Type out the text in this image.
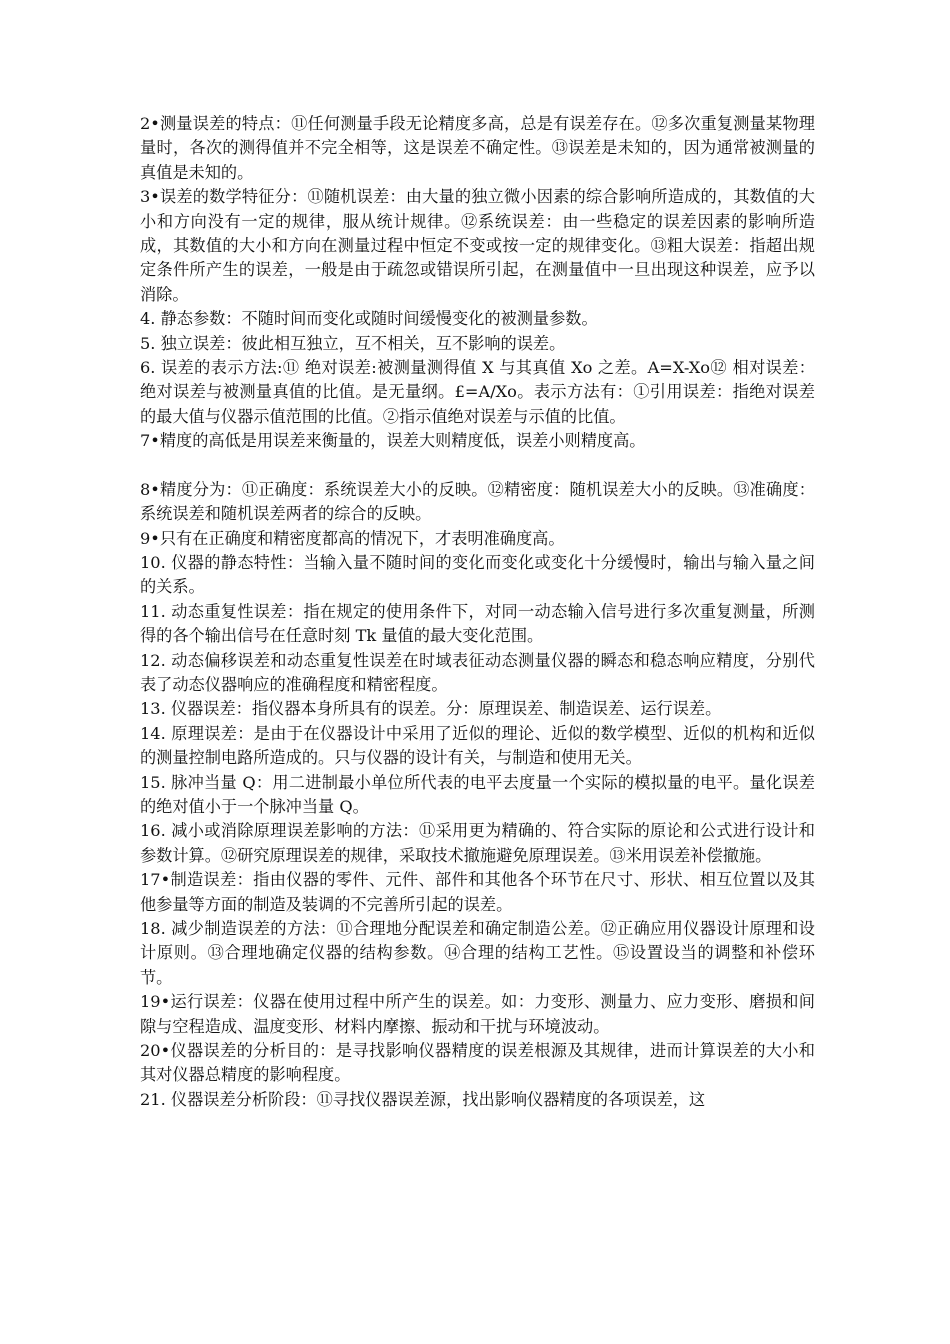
2•测量误差的特点：⑪任何测量手段无论精度多高，总是有误差存在。⑫多次重复测量某物理量时，各次的测得值并不完全相等，这是误差不确定性。⑬误差是未知的，因为通常被测量的真值是未知的。

3•误差的数学特征分：⑪随机误差：由大量的独立微小因素的综合影响所造成的，其数值的大小和方向没有一定的规律，服从统计规律。⑫系统误差：由一些稳定的误差因素的影响所造成，其数值的大小和方向在测量过程中恒定不变或按一定的规律变化。⑬粗大误差：指超出规定条件所产生的误差，一般是由于疏忽或错误所引起，在测量值中一旦出现这种误差，应予以消除。

4. 静态参数：不随时间而变化或随时间缓慢变化的被测量参数。

5. 独立误差：彼此相互独立，互不相关，互不影响的误差。

6. 误差的表示方法:⑪ 绝对误差:被测量测得值 X 与其真值 Xo 之差。A=X-Xo⑫ 相对误差：绝对误差与被测量真值的比值。是无量纲。£=A/Xo。表示方法有：①引用误差：指绝对误差的最大值与仪器示值范围的比值。②指示值绝对误差与示值的比值。

7•精度的高低是用误差来衡量的，误差大则精度低，误差小则精度高。

8•精度分为：⑪正确度：系统误差大小的反映。⑫精密度：随机误差大小的反映。⑬准确度：系统误差和随机误差两者的综合的反映。

9•只有在正确度和精密度都高的情况下，才表明准确度高。

10. 仪器的静态特性：当输入量不随时间的变化而变化或变化十分缓慢时，输出与输入量之间的关系。

11. 动态重复性误差：指在规定的使用条件下，对同一动态输入信号进行多次重复测量，所测得的各个输出信号在任意时刻 Tk 量值的最大变化范围。

12. 动态偏移误差和动态重复性误差在时域表征动态测量仪器的瞬态和稳态响应精度，分别代表了动态仪器响应的准确程度和精密程度。

13. 仪器误差：指仪器本身所具有的误差。分：原理误差、制造误差、运行误差。

14. 原理误差：是由于在仪器设计中采用了近似的理论、近似的数学模型、近似的机构和近似的测量控制电路所造成的。只与仪器的设计有关，与制造和使用无关。

15. 脉冲当量 Q：用二进制最小单位所代表的电平去度量一个实际的模拟量的电平。量化误差的绝对值小于一个脉冲当量 Q。

16. 减小或消除原理误差影响的方法：⑪采用更为精确的、符合实际的原论和公式进行设计和参数计算。⑫研究原理误差的规律，采取技术撤施避免原理误差。⑬米用误差补偿撤施。

17•制造误差：指由仪器的零件、元件、部件和其他各个环节在尺寸、形状、相互位置以及其他参量等方面的制造及装调的不完善所引起的误差。

18. 减少制造误差的方法：⑪合理地分配误差和确定制造公差。⑫正确应用仪器设计原理和设计原则。⑬合理地确定仪器的结构参数。⑭合理的结构工艺性。⑮设置设当的调整和补偿环节。

19•运行误差：仪器在使用过程中所产生的误差。如：力变形、测量力、应力变形、磨损和间隙与空程造成、温度变形、材料内摩擦、振动和干扰与环境波动。

20•仪器误差的分析目的：是寻找影响仪器精度的误差根源及其规律，进而计算误差的大小和其对仪器总精度的影响程度。

21. 仪器误差分析阶段：⑪寻找仪器误差源，找出影响仪器精度的各项误差，这
